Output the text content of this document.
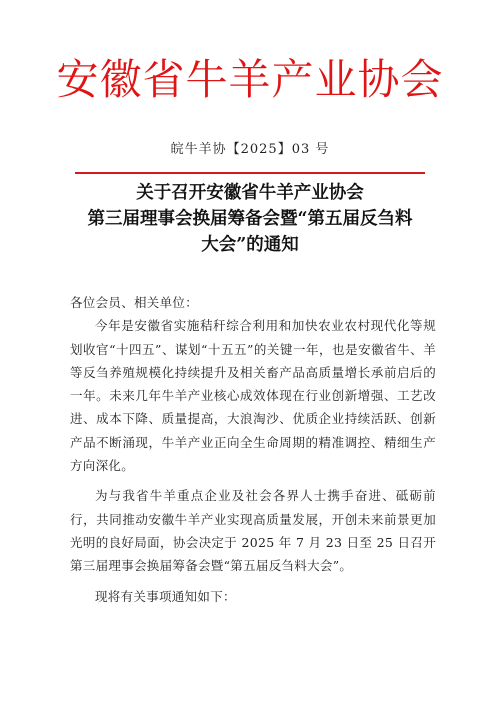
安徽省牛羊产业协会
皖牛羊协【2025】03 号
关于召开安徽省牛羊产业协会
第三届理事会换届筹备会暨“第五届反刍料
大会”的通知

各位会员、相关单位：

今年是安徽省实施秸秆综合利用和加快农业农村现代化等规划收官“十四五”、谋划“十五五”的关键一年，也是安徽省牛、羊等反刍养殖规模化持续提升及相关畜产品高质量增长承前启后的一年。未来几年牛羊产业核心成效体现在行业创新增强、工艺改进、成本下降、质量提高，大浪淘沙、优质企业持续活跃、创新产品不断涌现，牛羊产业正向全生命周期的精准调控、精细生产方向深化。

为与我省牛羊重点企业及社会各界人士携手奋进、砥砺前行，共同推动安徽牛羊产业实现高质量发展，开创未来前景更加光明的良好局面，协会决定于 2025 年 7 月 23 日至 25 日召开第三届理事会换届筹备会暨“第五届反刍料大会”。

现将有关事项通知如下：
